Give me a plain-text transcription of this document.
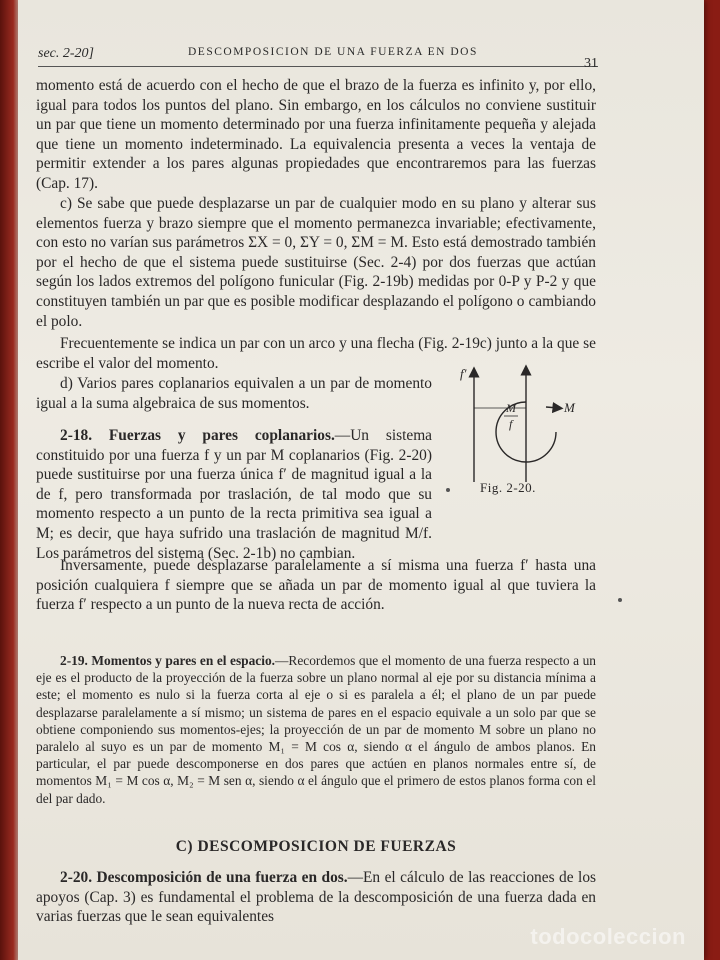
sec. 2-20]	DESCOMPOSICION DE UNA FUERZA EN DOS
31

momento está de acuerdo con el hecho de que el brazo de la fuerza es infinito y, por ello, igual para todos los puntos del plano. Sin embargo, en los cálculos no conviene sustituir un par que tiene un momento determinado por una fuerza infinitamente pequeña y alejada que tiene un momento indeterminado. La equivalencia presenta a veces la ventaja de permitir extender a los pares algunas propiedades que encontraremos para las fuerzas (Cap. 17).

c) Se sabe que puede desplazarse un par de cualquier modo en su plano y alterar sus elementos fuerza y brazo siempre que el momento permanezca invariable; efectivamente, con esto no varían sus parámetros ΣX = 0, ΣY = 0, ΣM = M. Esto está demostrado también por el hecho de que el sistema puede sustituirse (Sec. 2-4) por dos fuerzas que actúan según los lados extremos del polígono funicular (Fig. 2-19b) medidas por 0-P y P-2 y que constituyen también un par que es posible modificar desplazando el polígono o cambiando el polo.

Frecuentemente se indica un par con un arco y una flecha (Fig. 2-19c) junto a la que se escribe el valor del momento.

d) Varios pares coplanarios equivalen a un par de momento igual a la suma algebraica de sus momentos.

2-18. Fuerzas y pares coplanarios.—Un sistema constituido por una fuerza f y un par M coplanarios (Fig. 2-20) puede sustituirse por una fuerza única f′ de magnitud igual a la de f, pero transformada por traslación, de tal modo que su momento respecto a un punto de la recta primitiva sea igual a M; es decir, que haya sufrido una traslación de magnitud M/f. Los parámetros del sistema (Sec. 2-1b) no cambian.

Inversamente, puede desplazarse paralelamente a sí misma una fuerza f′ hasta una posición cualquiera f siempre que se añada un par de momento igual al que tuviera la fuerza f′ respecto a un punto de la nueva recta de acción.

2-19. Momentos y pares en el espacio.—Recordemos que el momento de una fuerza respecto a un eje es el producto de la proyección de la fuerza sobre un plano normal al eje por su distancia mínima a este; el momento es nulo si la fuerza corta al eje o si es paralela a él; el plano de un par puede desplazarse paralelamente a sí mismo; un sistema de pares en el espacio equivale a un solo par que se obtiene componiendo sus momentos-ejes; la proyección de un par de momento M sobre un plano no paralelo al suyo es un par de momento M₁ = M cos α, siendo α el ángulo de ambos planos. En particular, el par puede descomponerse en dos pares que actúen en planos normales entre sí, de momentos M₁ = M cos α, M₂ = M sen α, siendo α el ángulo que el primero de estos planos forma con el del par dado.

C) DESCOMPOSICION DE FUERZAS

2-20. Descomposición de una fuerza en dos.—En el cálculo de las reacciones de los apoyos (Cap. 3) es fundamental el problema de la descomposición de una fuerza dada en varias fuerzas que le sean equivalentes

f′
M
f
M
Fig. 2-20.
todocoleccion
